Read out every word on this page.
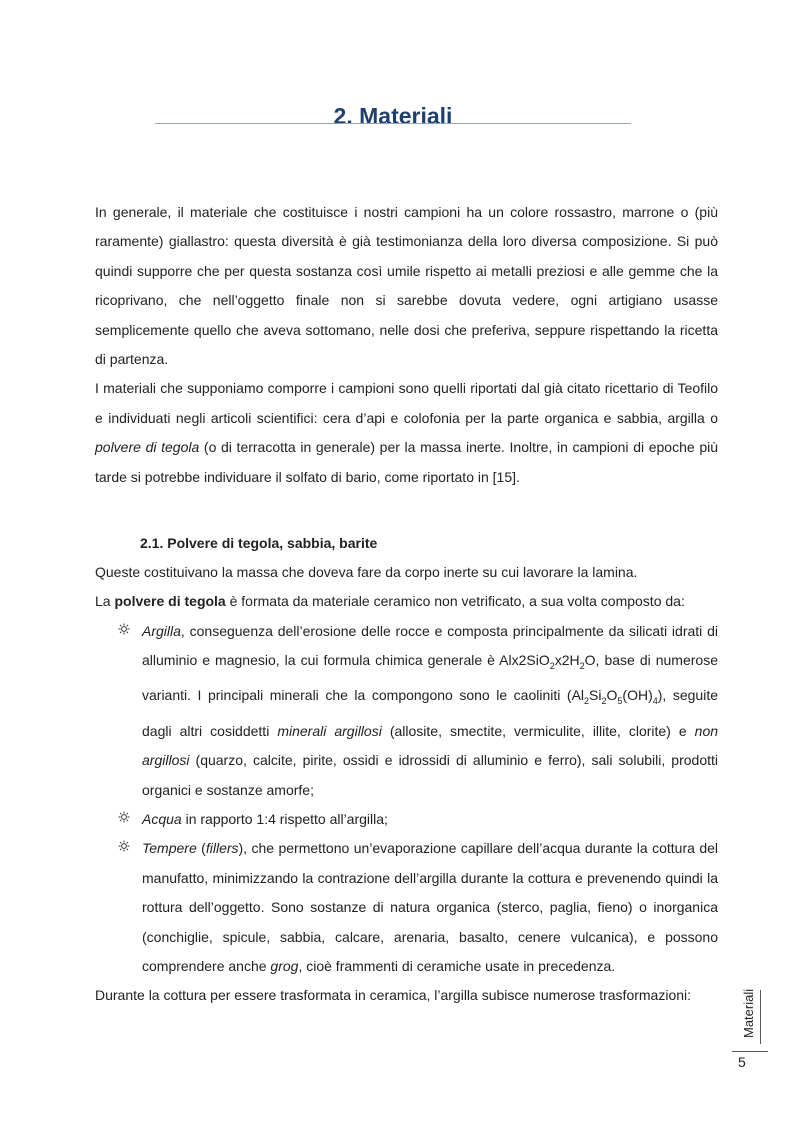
2. Materiali

In generale, il materiale che costituisce i nostri campioni ha un colore rossastro, marrone o (più raramente) giallastro: questa diversità è già testimonianza della loro diversa composizione. Si può quindi supporre che per questa sostanza così umile rispetto ai metalli preziosi e alle gemme che la ricoprivano, che nell’oggetto finale non si sarebbe dovuta vedere, ogni artigiano usasse semplicemente quello che aveva sottomano, nelle dosi che preferiva, seppure rispettando la ricetta di partenza.

I materiali che supponiamo comporre i campioni sono quelli riportati dal già citato ricettario di Teofilo e individuati negli articoli scientifici: cera d’api e colofonia per la parte organica e sabbia, argilla o polvere di tegola (o di terracotta in generale) per la massa inerte. Inoltre, in campioni di epoche più tarde si potrebbe individuare il solfato di bario, come riportato in [15].

2.1. Polvere di tegola, sabbia, barite

Queste costituivano la massa che doveva fare da corpo inerte su cui lavorare la lamina.

La polvere di tegola è formata da materiale ceramico non vetrificato, a sua volta composto da:

Argilla, conseguenza dell’erosione delle rocce e composta principalmente da silicati idrati di alluminio e magnesio, la cui formula chimica generale è $Alx2SiO_2x2H_2O$, base di numerose varianti. I principali minerali che la compongono sono le caoliniti $(Al_2Si_2O_5(OH)_4)$, seguite dagli altri cosiddetti minerali argillosi (allosite, smectite, vermiculite, illite, clorite) e non argillosi (quarzo, calcite, pirite, ossidi e idrossidi di alluminio e ferro), sali solubili, prodotti organici e sostanze amorfe;
Acqua in rapporto 1:4 rispetto all’argilla;
Tempere (fillers), che permettono un’evaporazione capillare dell’acqua durante la cottura del manufatto, minimizzando la contrazione dell’argilla durante la cottura e prevenendo quindi la rottura dell’oggetto. Sono sostanze di natura organica (sterco, paglia, fieno) o inorganica (conchiglie, spicule, sabbia, calcare, arenaria, basalto, cenere vulcanica), e possono comprendere anche grog, cioè frammenti di ceramiche usate in precedenza.

Durante la cottura per essere trasformata in ceramica, l’argilla subisce numerose trasformazioni:	Materiali
5
